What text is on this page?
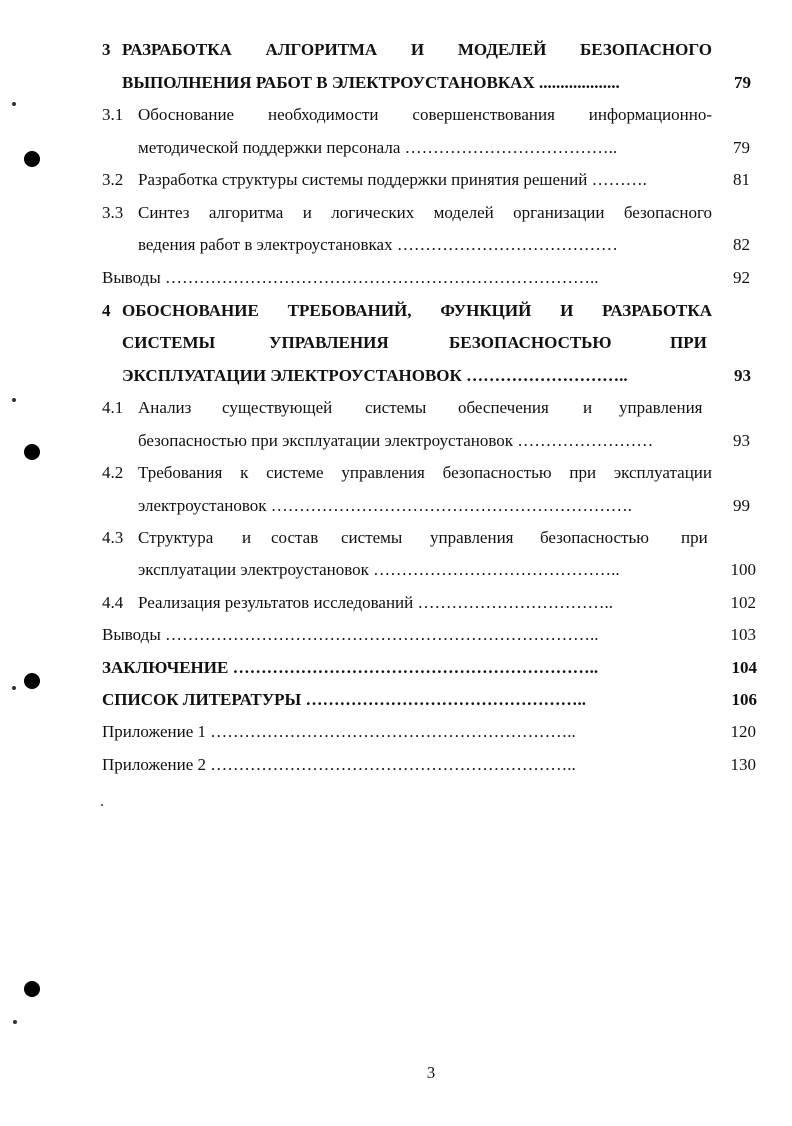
3 РАЗРАБОТКА АЛГОРИТМА И МОДЕЛЕЙ БЕЗОПАСНОГО
ВЫПОЛНЕНИЯ РАБОТ В ЭЛЕКТРОУСТАНОВКАХ ...................	79
3.1 Обоснование необходимости совершенствования информационно-
методической поддержки персонала ………………………………..	79
3.2 Разработка структуры системы поддержки принятия решений ……….	81
3.3 Синтез алгоритма и логических моделей организации безопасного
ведения работ в электроустановках …………………………………	82
Выводы …………………………………………………………………..	92
4 ОБОСНОВАНИЕ ТРЕБОВАНИЙ, ФУНКЦИЙ И РАЗРАБОТКА
СИСТЕМЫ	УПРАВЛЕНИЯ	БЕЗОПАСНОСТЬЮ	ПРИ
ЭКСПЛУАТАЦИИ ЭЛЕКТРОУСТАНОВОК ………………………..	93
4.1 Анализ существующей системы обеспечения и управления
безопасностью при эксплуатации электроустановок ……………………	93
4.2 Требования к системе управления безопасностью при эксплуатации
электроустановок ……………………………………………………….	99
4.3 Структура и состав системы управления безопасностью при
эксплуатации электроустановок ……………………………………..	100
4.4 Реализация результатов исследований ……………………………..	102
Выводы …………………………………………………………………..	103
ЗАКЛЮЧЕНИЕ ………………………………………………………..	104
СПИСОК ЛИТЕРАТУРЫ …………………………………………..	106
Приложение 1 ………………………………………………………..	120
Приложение 2 ………………………………………………………..	130
3
